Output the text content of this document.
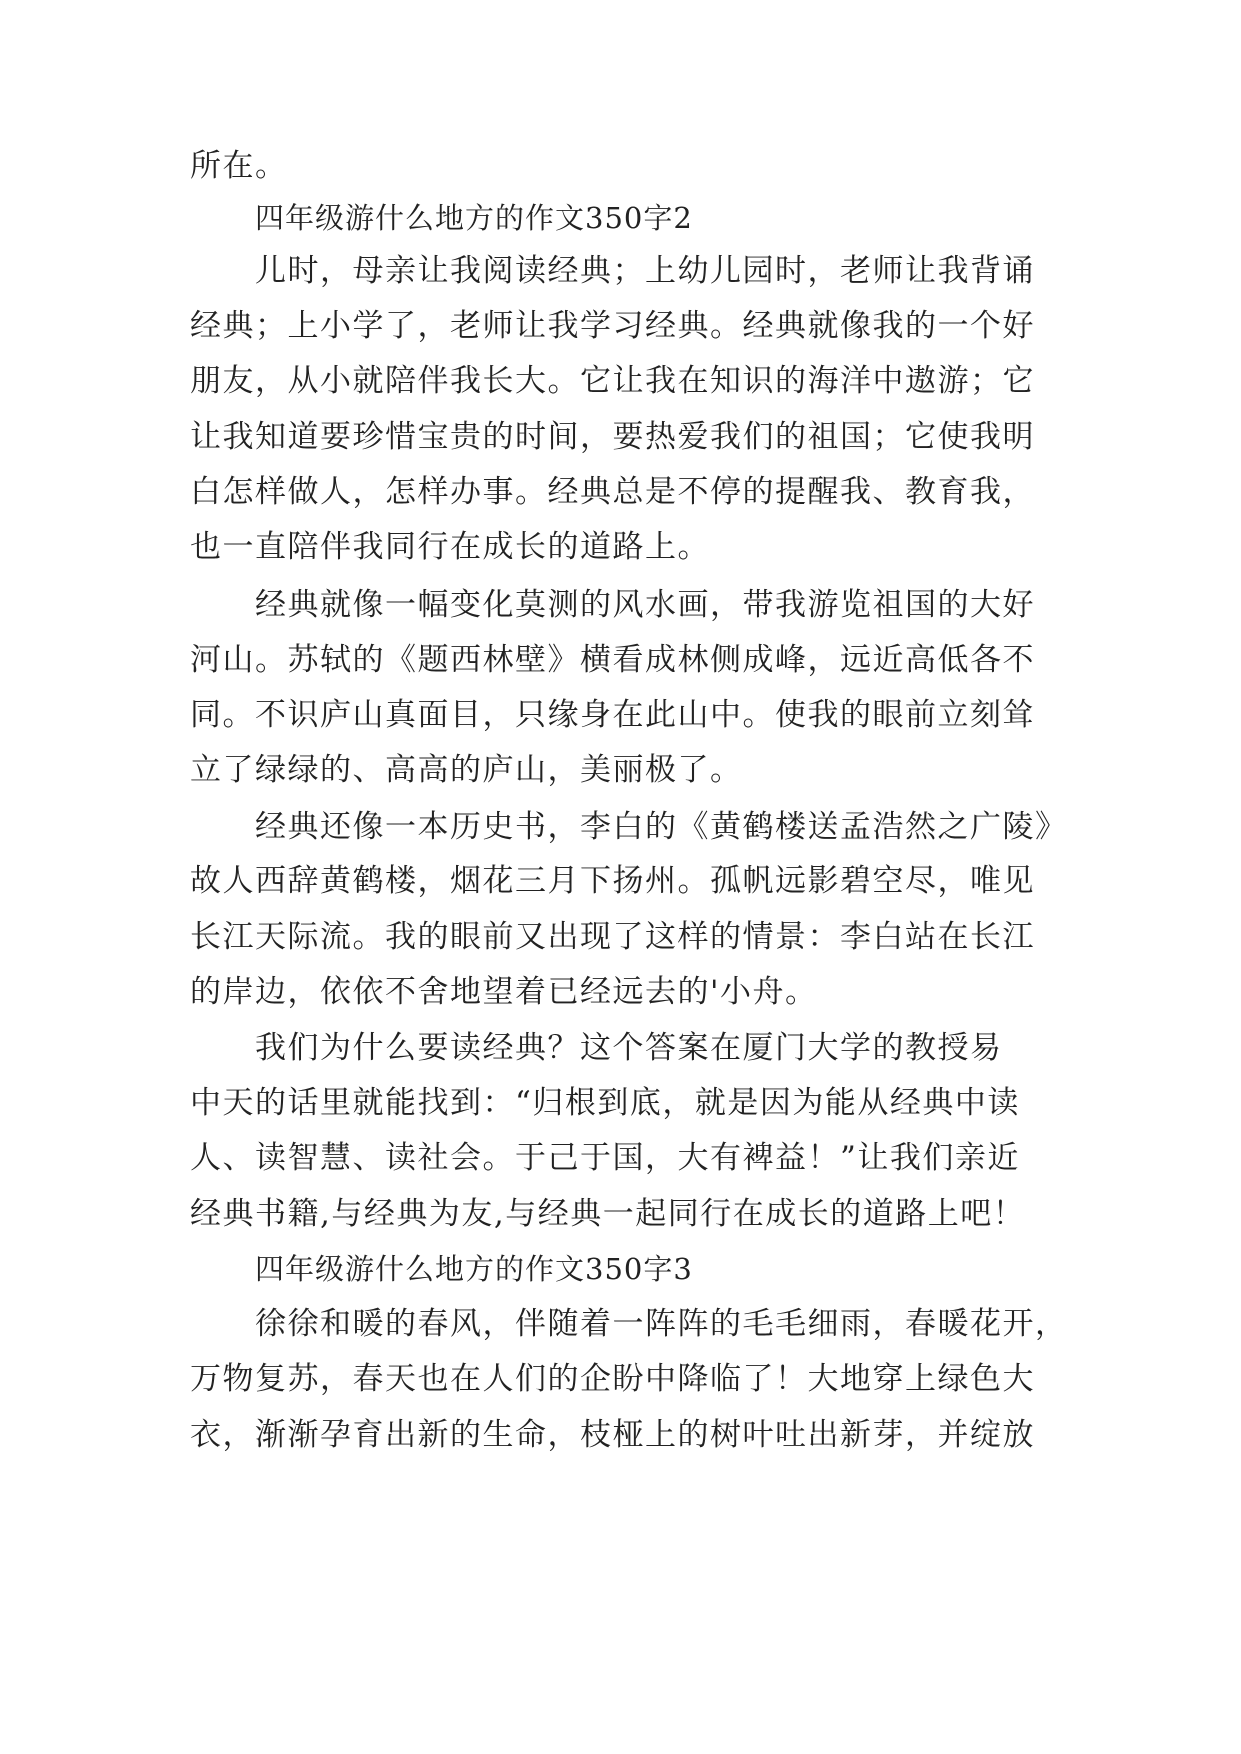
所在。
四年级游什么地方的作文350字2
儿时，母亲让我阅读经典；上幼儿园时，老师让我背诵
经典；上小学了，老师让我学习经典。经典就像我的一个好
朋友，从小就陪伴我长大。它让我在知识的海洋中遨游；它
让我知道要珍惜宝贵的时间，要热爱我们的祖国；它使我明
白怎样做人，怎样办事。经典总是不停的提醒我、教育我，
也一直陪伴我同行在成长的道路上。
经典就像一幅变化莫测的风水画，带我游览祖国的大好
河山。苏轼的《题西林壁》横看成林侧成峰，远近高低各不
同。不识庐山真面目，只缘身在此山中。使我的眼前立刻耸
立了绿绿的、高高的庐山，美丽极了。
经典还像一本历史书，李白的《黄鹤楼送孟浩然之广陵》
故人西辞黄鹤楼，烟花三月下扬州。孤帆远影碧空尽，唯见
长江天际流。我的眼前又出现了这样的情景：李白站在长江
的岸边，依依不舍地望着已经远去的'小舟。
我们为什么要读经典？这个答案在厦门大学的教授易
中天的话里就能找到：“归根到底，就是因为能从经典中读
人、读智慧、读社会。于己于国，大有裨益！”让我们亲近
经典书籍,与经典为友,与经典一起同行在成长的道路上吧！
四年级游什么地方的作文350字3
徐徐和暖的春风，伴随着一阵阵的毛毛细雨，春暖花开，
万物复苏，春天也在人们的企盼中降临了！大地穿上绿色大
衣，渐渐孕育出新的生命，枝桠上的树叶吐出新芽，并绽放
